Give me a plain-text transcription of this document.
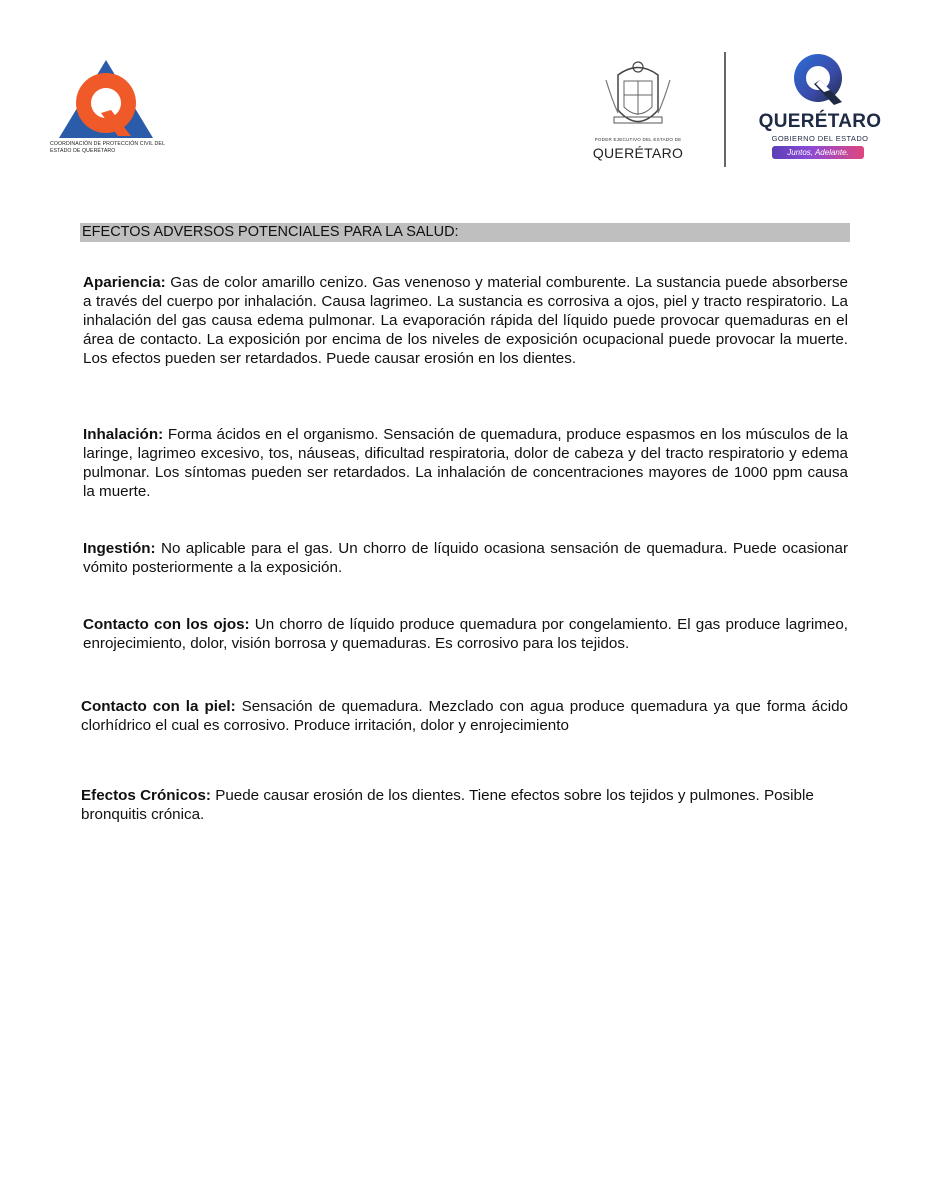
COORDINACIÓN DE PROTECCIÓN CIVIL DEL ESTADO DE QUERÉTARO
PODER EJECUTIVO DEL ESTADO DE
QUERÉTARO
QUERÉTARO
GOBIERNO DEL ESTADO
Juntos, Adelante.
EFECTOS ADVERSOS POTENCIALES PARA LA SALUD:

Apariencia: Gas de color amarillo cenizo. Gas venenoso y material comburente. La sustancia puede absorberse a través del cuerpo por inhalación. Causa lagrimeo. La sustancia es corrosiva a ojos, piel y tracto respiratorio. La inhalación del gas causa edema pulmonar. La evaporación rápida del líquido puede provocar quemaduras en el área de contacto. La exposición por encima de los niveles de exposición ocupacional puede provocar la muerte. Los efectos pueden ser retardados. Puede causar erosión en los dientes.

Inhalación: Forma ácidos en el organismo. Sensación de quemadura, produce espasmos en los músculos de la laringe, lagrimeo excesivo, tos, náuseas, dificultad respiratoria, dolor de cabeza y del tracto respiratorio y edema pulmonar. Los síntomas pueden ser retardados. La inhalación de concentraciones mayores de 1000 ppm causa la muerte.

Ingestión: No aplicable para el gas. Un chorro de líquido ocasiona sensación de quemadura. Puede ocasionar vómito posteriormente a la exposición.

Contacto con los ojos: Un chorro de líquido produce quemadura por congelamiento. El gas produce lagrimeo, enrojecimiento, dolor, visión borrosa y quemaduras. Es corrosivo para los tejidos.

Contacto con la piel: Sensación de quemadura. Mezclado con agua produce quemadura ya que forma ácido clorhídrico el cual es corrosivo. Produce irritación, dolor y enrojecimiento

Efectos Crónicos: Puede causar erosión de los dientes. Tiene efectos sobre los tejidos y pulmones. Posible bronquitis crónica.
